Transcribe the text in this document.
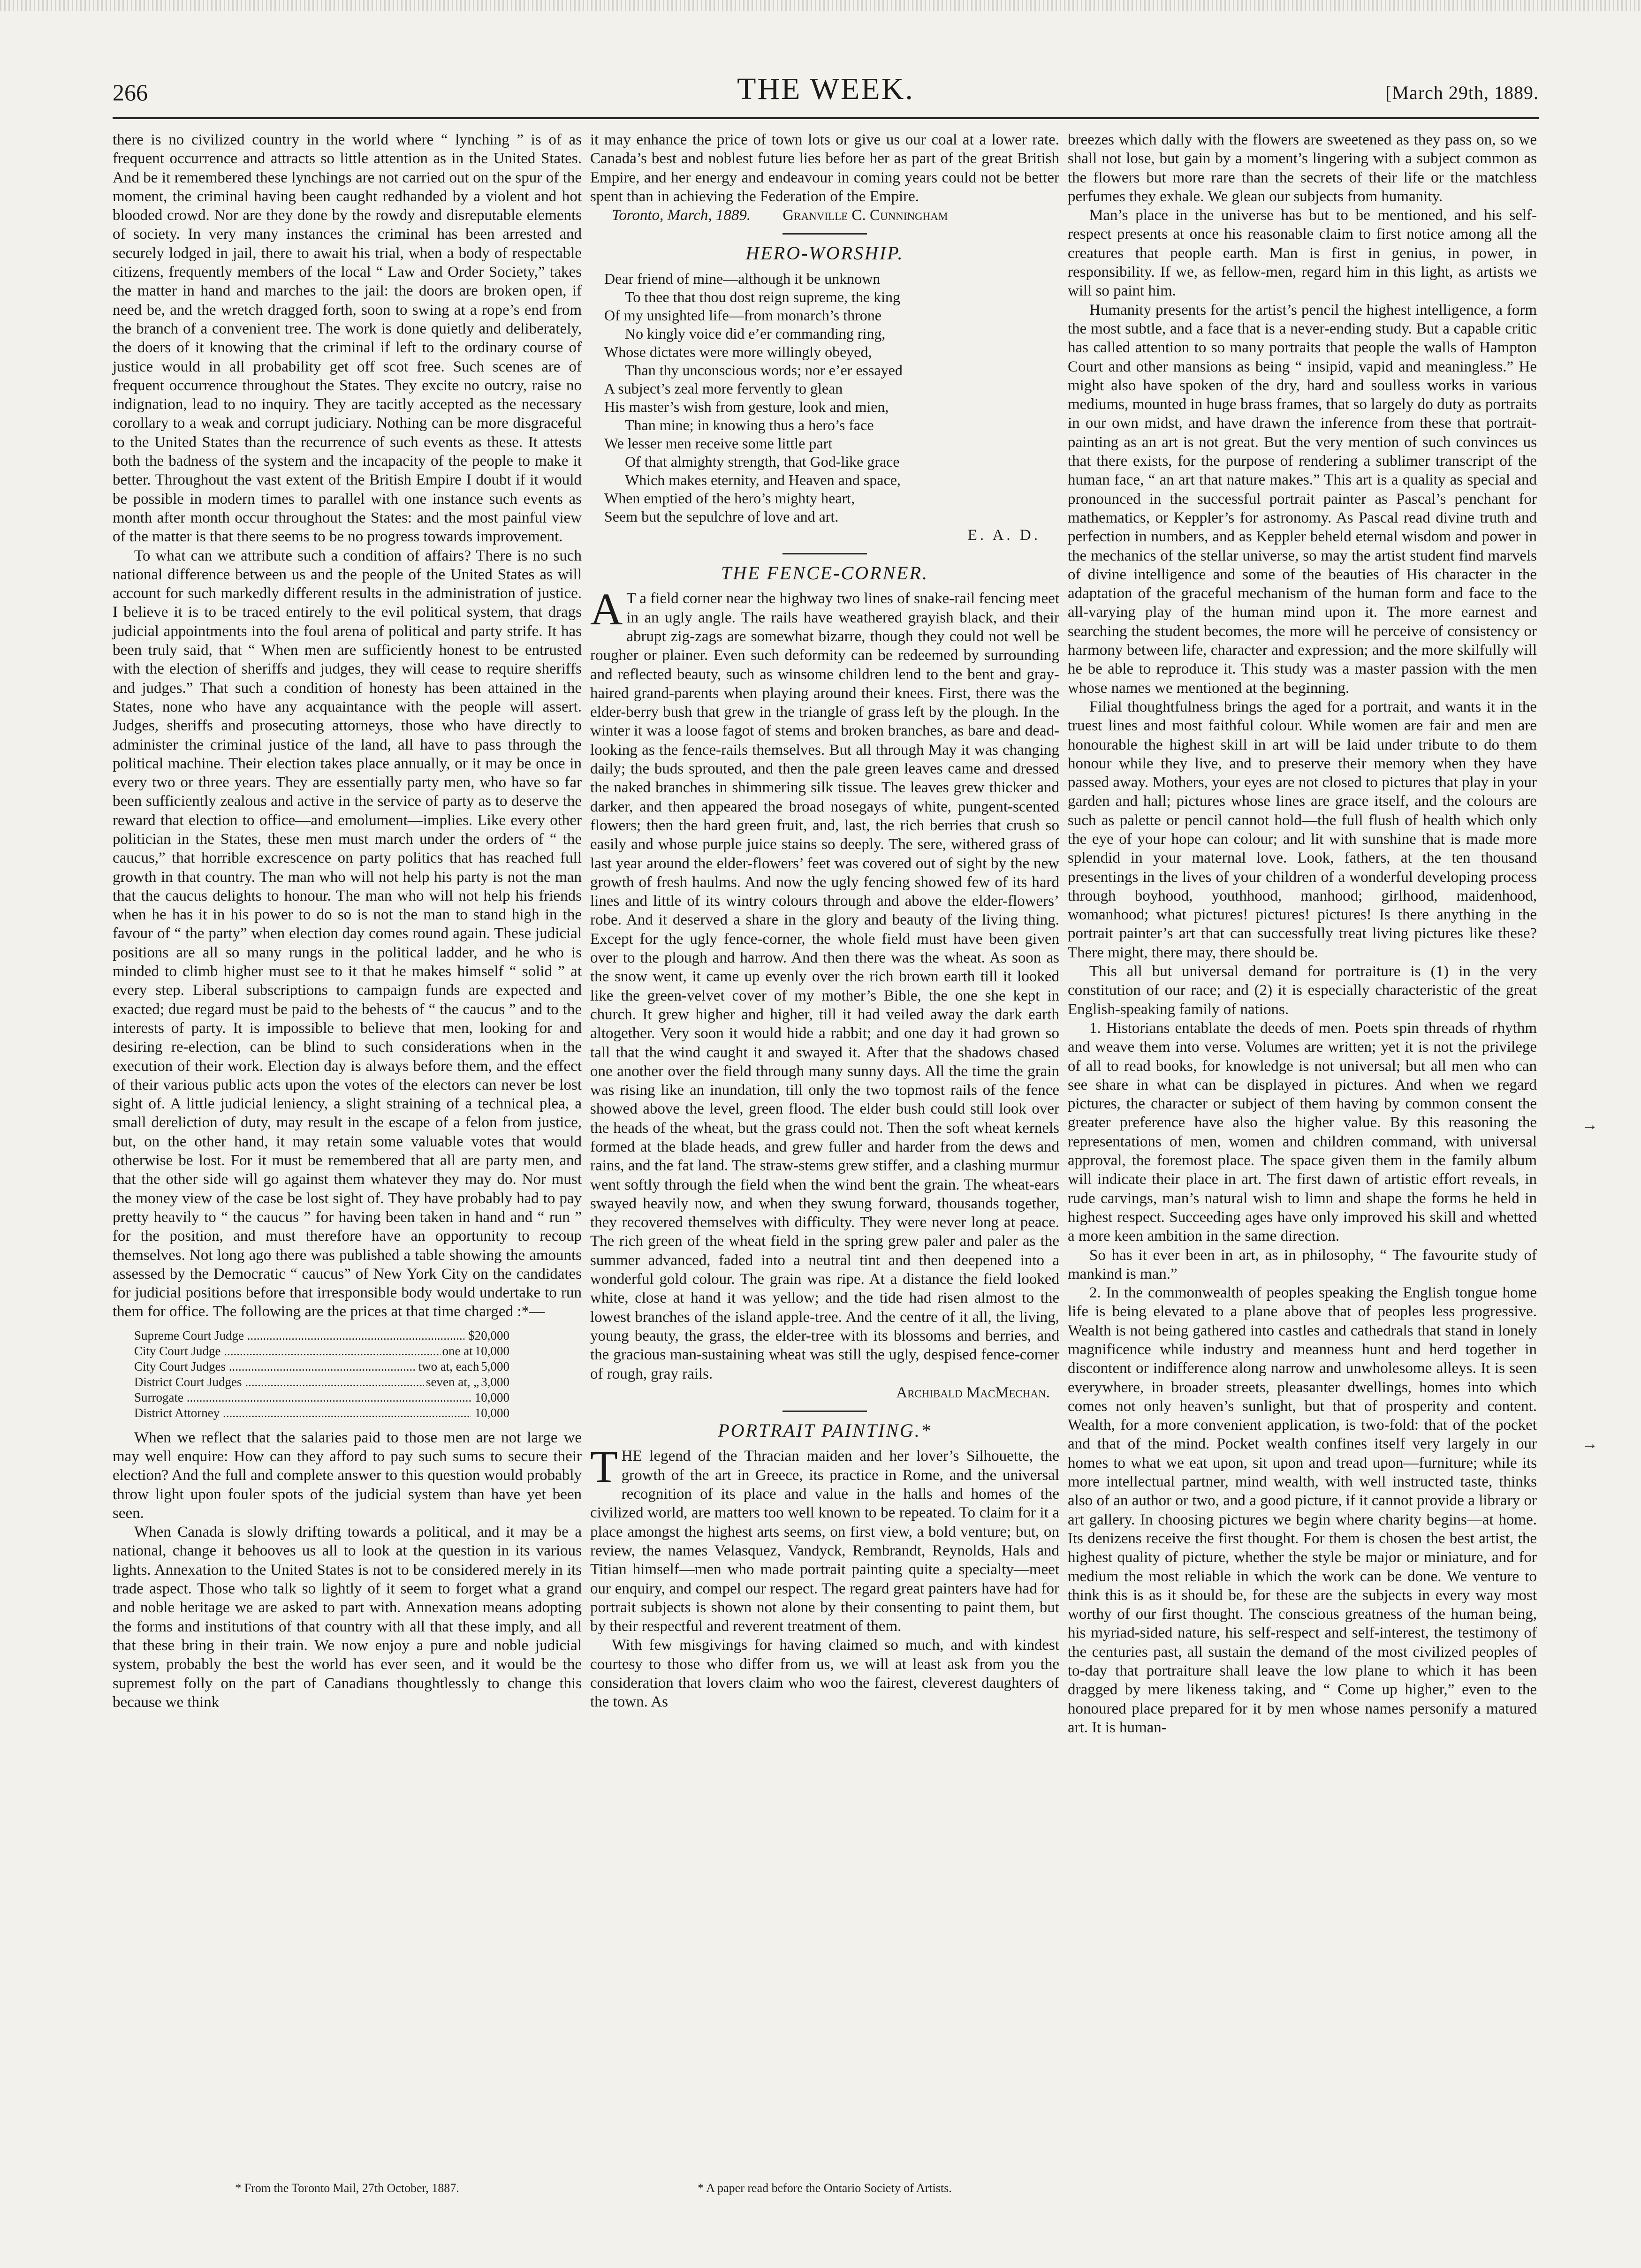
266	THE WEEK.	[March 29th, 1889.

there is no civilized country in the world where “ lynching ” is of as frequent occurrence and attracts so little attention as in the United States. And be it remembered these lynchings are not carried out on the spur of the moment, the criminal having been caught redhanded by a violent and hot blooded crowd. Nor are they done by the rowdy and disreputable elements of society. In very many instances the criminal has been arrested and securely lodged in jail, there to await his trial, when a body of respectable citizens, frequently members of the local “ Law and Order Society,” takes the matter in hand and marches to the jail: the doors are broken open, if need be, and the wretch dragged forth, soon to swing at a rope’s end from the branch of a convenient tree. The work is done quietly and deliberately, the doers of it knowing that the criminal if left to the ordinary course of justice would in all probability get off scot free. Such scenes are of frequent occurrence throughout the States. They excite no outcry, raise no indignation, lead to no inquiry. They are tacitly accepted as the necessary corollary to a weak and corrupt judiciary. Nothing can be more disgraceful to the United States than the recurrence of such events as these. It attests both the badness of the system and the incapacity of the people to make it better. Throughout the vast extent of the British Empire I doubt if it would be possible in modern times to parallel with one instance such events as month after month occur throughout the States: and the most painful view of the matter is that there seems to be no progress towards improvement.

To what can we attribute such a condition of affairs? There is no such national difference between us and the people of the United States as will account for such markedly different results in the administration of justice. I believe it is to be traced entirely to the evil political system, that drags judicial appointments into the foul arena of political and party strife. It has been truly said, that “ When men are sufficiently honest to be entrusted with the election of sheriffs and judges, they will cease to require sheriffs and judges.” That such a condition of honesty has been attained in the States, none who have any acquaintance with the people will assert. Judges, sheriffs and prosecuting attorneys, those who have directly to administer the criminal justice of the land, all have to pass through the political machine. Their election takes place annually, or it may be once in every two or three years. They are essentially party men, who have so far been sufficiently zealous and active in the service of party as to deserve the reward that election to office—and emolument—implies. Like every other politician in the States, these men must march under the orders of “ the caucus,” that horrible excrescence on party politics that has reached full growth in that country. The man who will not help his party is not the man that the caucus delights to honour. The man who will not help his friends when he has it in his power to do so is not the man to stand high in the favour of “ the party” when election day comes round again. These judicial positions are all so many rungs in the political ladder, and he who is minded to climb higher must see to it that he makes himself “ solid ” at every step. Liberal subscriptions to campaign funds are expected and exacted; due regard must be paid to the behests of “ the caucus ” and to the interests of party. It is impossible to believe that men, looking for and desiring re-election, can be blind to such considerations when in the execution of their work. Election day is always before them, and the effect of their various public acts upon the votes of the electors can never be lost sight of. A little judicial leniency, a slight straining of a technical plea, a small dereliction of duty, may result in the escape of a felon from justice, but, on the other hand, it may retain some valuable votes that would otherwise be lost. For it must be remembered that all are party men, and that the other side will go against them whatever they may do. Nor must the money view of the case be lost sight of. They have probably had to pay pretty heavily to “ the caucus ” for having been taken in hand and “ run ” for the position, and must therefore have an opportunity to recoup themselves. Not long ago there was published a table showing the amounts assessed by the Democratic “ caucus” of New York City on the candidates for judicial positions before that irresponsible body would undertake to run them for office. The following are the prices at that time charged :*—

Supreme Court Judge .....	$20,000
City Court Judge .....	one at 10,000
City Court Judges .....	two at, each 5,000
District Court Judges .....	seven at, „ 3,000
Surrogate .....	10,000
District Attorney .....	10,000

When we reflect that the salaries paid to those men are not large we may well enquire: How can they afford to pay such sums to secure their election? And the full and complete answer to this question would probably throw light upon fouler spots of the judicial system than have yet been seen.

When Canada is slowly drifting towards a political, and it may be a national, change it behooves us all to look at the question in its various lights. Annexation to the United States is not to be considered merely in its trade aspect. Those who talk so lightly of it seem to forget what a grand and noble heritage we are asked to part with. Annexation means adopting the forms and institutions of that country with all that these imply, and all that these bring in their train. We now enjoy a pure and noble judicial system, probably the best the world has ever seen, and it would be the supremest folly on the part of Canadians thoughtlessly to change this because we think

* From the Toronto Mail, 27th October, 1887.

it may enhance the price of town lots or give us our coal at a lower rate. Canada’s best and noblest future lies before her as part of the great British Empire, and her energy and endeavour in coming years could not be better spent than in achieving the Federation of the Empire.

Toronto, March, 1889. Granville C. Cunningham
HERO-WORSHIP.
Dear friend of mine—although it be unknown
To thee that thou dost reign supreme, the king
Of my unsighted life—from monarch’s throne
No kingly voice did e’er commanding ring,
Whose dictates were more willingly obeyed,
Than thy unconscious words; nor e’er essayed
A subject’s zeal more fervently to glean
His master’s wish from gesture, look and mien,
Than mine; in knowing thus a hero’s face
We lesser men receive some little part
Of that almighty strength, that God-like grace
Which makes eternity, and Heaven and space,
When emptied of the hero’s mighty heart,
Seem but the sepulchre of love and art.
E. A. D.
THE FENCE-CORNER.

A T a field corner near the highway two lines of snake-rail fencing meet in an ugly angle. The rails have weathered grayish black, and their abrupt zig-zags are somewhat bizarre, though they could not well be rougher or plainer. Even such deformity can be redeemed by surrounding and reflected beauty, such as winsome children lend to the bent and gray-haired grand-parents when playing around their knees. First, there was the elder-berry bush that grew in the triangle of grass left by the plough. In the winter it was a loose fagot of stems and broken branches, as bare and dead-looking as the fence-rails themselves. But all through May it was changing daily; the buds sprouted, and then the pale green leaves came and dressed the naked branches in shimmering silk tissue. The leaves grew thicker and darker, and then appeared the broad nosegays of white, pungent-scented flowers; then the hard green fruit, and, last, the rich berries that crush so easily and whose purple juice stains so deeply. The sere, withered grass of last year around the elder-flowers’ feet was covered out of sight by the new growth of fresh haulms. And now the ugly fencing showed few of its hard lines and little of its wintry colours through and above the elder-flowers’ robe. And it deserved a share in the glory and beauty of the living thing. Except for the ugly fence-corner, the whole field must have been given over to the plough and harrow. And then there was the wheat. As soon as the snow went, it came up evenly over the rich brown earth till it looked like the green-velvet cover of my mother’s Bible, the one she kept in church. It grew higher and higher, till it had veiled away the dark earth altogether. Very soon it would hide a rabbit; and one day it had grown so tall that the wind caught it and swayed it. After that the shadows chased one another over the field through many sunny days. All the time the grain was rising like an inundation, till only the two topmost rails of the fence showed above the level, green flood. The elder bush could still look over the heads of the wheat, but the grass could not. Then the soft wheat kernels formed at the blade heads, and grew fuller and harder from the dews and rains, and the fat land. The straw-stems grew stiffer, and a clashing murmur went softly through the field when the wind bent the grain. The wheat-ears swayed heavily now, and when they swung forward, thousands together, they recovered themselves with difficulty. They were never long at peace. The rich green of the wheat field in the spring grew paler and paler as the summer advanced, faded into a neutral tint and then deepened into a wonderful gold colour. The grain was ripe. At a distance the field looked white, close at hand it was yellow; and the tide had risen almost to the lowest branches of the island apple-tree. And the centre of it all, the living, young beauty, the grass, the elder-tree with its blossoms and berries, and the gracious man-sustaining wheat was still the ugly, despised fence-corner of rough, gray rails.

Archibald MacMechan.
PORTRAIT PAINTING.*

THE legend of the Thracian maiden and her lover’s Silhouette, the growth of the art in Greece, its practice in Rome, and the universal recognition of its place and value in the halls and homes of the civilized world, are matters too well known to be repeated. To claim for it a place amongst the highest arts seems, on first view, a bold venture; but, on review, the names Velasquez, Vandyck, Rembrandt, Reynolds, Hals and Titian himself—men who made portrait painting quite a specialty—meet our enquiry, and compel our respect. The regard great painters have had for portrait subjects is shown not alone by their consenting to paint them, but by their respectful and reverent treatment of them.

With few misgivings for having claimed so much, and with kindest courtesy to those who differ from us, we will at least ask from you the consideration that lovers claim who woo the fairest, cleverest daughters of the town. As

* A paper read before the Ontario Society of Artists.

breezes which dally with the flowers are sweetened as they pass on, so we shall not lose, but gain by a moment’s lingering with a subject common as the flowers but more rare than the secrets of their life or the matchless perfumes they exhale. We glean our subjects from humanity.

Man’s place in the universe has but to be mentioned, and his self-respect presents at once his reasonable claim to first notice among all the creatures that people earth. Man is first in genius, in power, in responsibility. If we, as fellow-men, regard him in this light, as artists we will so paint him.

Humanity presents for the artist’s pencil the highest intelligence, a form the most subtle, and a face that is a never-ending study. But a capable critic has called attention to so many portraits that people the walls of Hampton Court and other mansions as being “ insipid, vapid and meaningless.” He might also have spoken of the dry, hard and soulless works in various mediums, mounted in huge brass frames, that so largely do duty as portraits in our own midst, and have drawn the inference from these that portrait-painting as an art is not great. But the very mention of such convinces us that there exists, for the purpose of rendering a sublimer transcript of the human face, “ an art that nature makes.” This art is a quality as special and pronounced in the successful portrait painter as Pascal’s penchant for mathematics, or Keppler’s for astronomy. As Pascal read divine truth and perfection in numbers, and as Keppler beheld eternal wisdom and power in the mechanics of the stellar universe, so may the artist student find marvels of divine intelligence and some of the beauties of His character in the adaptation of the graceful mechanism of the human form and face to the all-varying play of the human mind upon it. The more earnest and searching the student becomes, the more will he perceive of consistency or harmony between life, character and expression; and the more skilfully will he be able to reproduce it. This study was a master passion with the men whose names we mentioned at the beginning.

Filial thoughtfulness brings the aged for a portrait, and wants it in the truest lines and most faithful colour. While women are fair and men are honourable the highest skill in art will be laid under tribute to do them honour while they live, and to preserve their memory when they have passed away. Mothers, your eyes are not closed to pictures that play in your garden and hall; pictures whose lines are grace itself, and the colours are such as palette or pencil cannot hold—the full flush of health which only the eye of your hope can colour; and lit with sunshine that is made more splendid in your maternal love. Look, fathers, at the ten thousand presentings in the lives of your children of a wonderful developing process through boyhood, youthhood, manhood; girlhood, maidenhood, womanhood; what pictures! pictures! pictures! Is there anything in the portrait painter’s art that can successfully treat living pictures like these? There might, there may, there should be.

This all but universal demand for portraiture is (1) in the very constitution of our race; and (2) it is especially characteristic of the great English-speaking family of nations.

1. Historians entablate the deeds of men. Poets spin threads of rhythm and weave them into verse. Volumes are written; yet it is not the privilege of all to read books, for knowledge is not universal; but all men who can see share in what can be displayed in pictures. And when we regard pictures, the character or subject of them having by common consent the greater preference have also the higher value. By this reasoning the representations of men, women and children command, with universal approval, the foremost place. The space given them in the family album will indicate their place in art. The first dawn of artistic effort reveals, in rude carvings, man’s natural wish to limn and shape the forms he held in highest respect. Succeeding ages have only improved his skill and whetted a more keen ambition in the same direction.

So has it ever been in art, as in philosophy, “ The favourite study of mankind is man.”

2. In the commonwealth of peoples speaking the English tongue home life is being elevated to a plane above that of peoples less progressive. Wealth is not being gathered into castles and cathedrals that stand in lonely magnificence while industry and meanness hunt and herd together in discontent or indifference along narrow and unwholesome alleys. It is seen everywhere, in broader streets, pleasanter dwellings, homes into which comes not only heaven’s sunlight, but that of prosperity and content. Wealth, for a more convenient application, is two-fold: that of the pocket and that of the mind. Pocket wealth confines itself very largely in our homes to what we eat upon, sit upon and tread upon—furniture; while its more intellectual partner, mind wealth, with well instructed taste, thinks also of an author or two, and a good picture, if it cannot provide a library or art gallery. In choosing pictures we begin where charity begins—at home. Its denizens receive the first thought. For them is chosen the best artist, the highest quality of picture, whether the style be major or miniature, and for medium the most reliable in which the work can be done. We venture to think this is as it should be, for these are the subjects in every way most worthy of our first thought. The conscious greatness of the human being, his myriad-sided nature, his self-respect and self-interest, the testimony of the centuries past, all sustain the demand of the most civilized peoples of to-day that portraiture shall leave the low plane to which it has been dragged by mere likeness taking, and “ Come up higher,” even to the honoured place prepared for it by men whose names personify a matured art. It is human-

→
→
